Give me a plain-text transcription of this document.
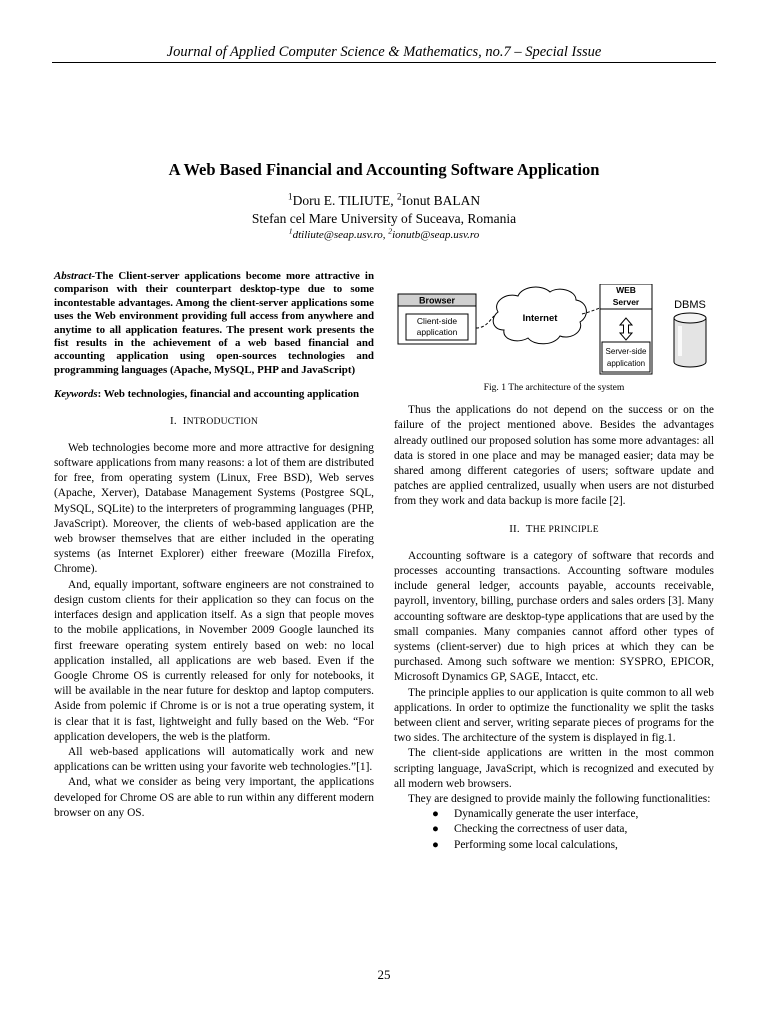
Journal of Applied Computer Science & Mathematics, no.7 – Special Issue
A Web Based Financial and Accounting Software Application
$^1$Doru E. TILIUTE, $^2$Ionut BALAN
Stefan cel Mare University of Suceava, Romania
$^1$dtiliute@seap.usv.ro, $^2$ionutb@seap.usv.ro

Abstract-The Client-server applications become more attractive in comparison with their counterpart desktop-type due to some incontestable advantages. Among the client-server applications some uses the Web environment providing full access from anywhere and anytime to all application features. The present work presents the fist results in the achievement of a web based financial and accounting application using open-sources technologies and programming languages (Apache, MySQL, PHP and JavaScript)

Keywords: Web technologies, financial and accounting application

I. INTRODUCTION

Web technologies become more and more attractive for designing software applications from many reasons: a lot of them are distributed for free, from operating system (Linux, Free BSD), Web serves (Apache, Xerver), Database Management Systems (Postgree SQL, MySQL, SQLite) to the interpreters of programming languages (PHP, JavaScript). Moreover, the clients of web-based application are the web browser themselves that are either included in the operating systems (as Internet Explorer) either freeware (Mozilla Firefox, Chrome).

And, equally important, software engineers are not constrained to design custom clients for their application so they can focus on the interfaces design and application itself. As a sign that people moves to the mobile applications, in November 2009 Google launched its first freeware operating system entirely based on web: no local application installed, all applications are web based. Even if the Google Chrome OS is currently released for only for notebooks, it will be available in the near future for desktop and laptop computers. Aside from polemic if Chrome is or is not a true operating system, it is clear that it is fast, lightweight and fully based on the Web. “For application developers, the web is the platform.

All web-based applications will automatically work and new applications can be written using your favorite web technologies.”[1].

And, what we consider as being very important, the applications developed for Chrome OS are able to run within any different modern browser on any OS.

Browser
Client-side
application
Internet
WEB
Server
Server-side
application
DBMS
Fig. 1 The architecture of the system

Thus the applications do not depend on the success or on the failure of the project mentioned above. Besides the advantages already outlined our proposed solution has some more advantages: all data is stored in one place and may be managed easier; data may be shared among different categories of users; software update and patches are applied centralized, usually when users are not disturbed from they work and data backup is more facile [2].

II. THE PRINCIPLE

Accounting software is a category of software that records and processes accounting transactions. Accounting software modules include general ledger, accounts payable, accounts receivable, payroll, inventory, billing, purchase orders and sales orders [3]. Many accounting software are desktop-type applications that are used by the small companies. Many companies cannot afford other types of systems (client-server) due to high prices at which they can be purchased. Among such software we mention: SYSPRO, EPICOR, Microsoft Dynamics GP, SAGE, Intacct, etc.

The principle applies to our application is quite common to all web applications. In order to optimize the functionality we split the tasks between client and server, writing separate pieces of programs for the two sides. The architecture of the system is displayed in fig.1.

The client-side applications are written in the most common scripting language, JavaScript, which is recognized and executed by all modern web browsers.

They are designed to provide mainly the following functionalities:

● Dynamically generate the user interface,
● Checking the correctness of user data,
● Performing some local calculations,
25
